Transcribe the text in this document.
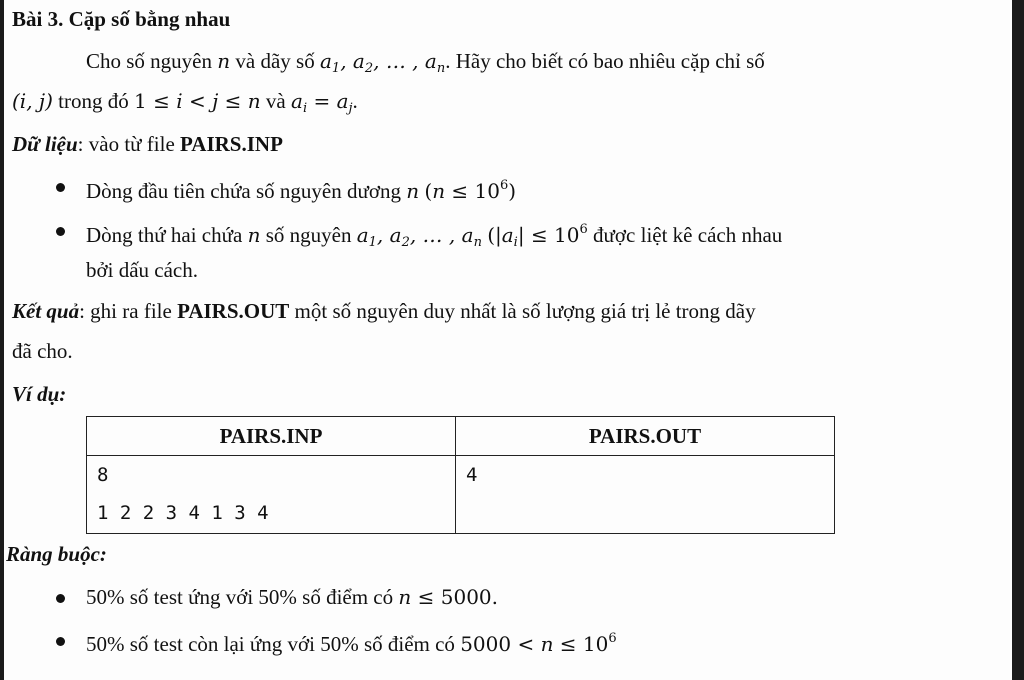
Bài 3. Cặp số bằng nhau
Cho số nguyên n và dãy số $a_1$, $a_2$, … , $a_n$. Hãy cho biết có bao nhiêu cặp chỉ số
(i, j) trong đó 1 ≤ i < j ≤ n và $a_i = a_j$.
Dữ liệu: vào từ file PAIRS.INP
Dòng đầu tiên chứa số nguyên dương n $(n \le 10^6)$
Dòng thứ hai chứa n số nguyên $a_1$, $a_2$, … , $a_n$ ($|a_i| \le 10^6$ được liệt kê cách nhau
bởi dấu cách.
Kết quả: ghi ra file PAIRS.OUT một số nguyên duy nhất là số lượng giá trị lẻ trong dãy
đã cho.
Ví dụ:
PAIRS.INP	PAIRS.OUT

8
1 2 2 3 4 1 3 4	4
Ràng buộc:
50% số test ứng với 50% số điểm có n ≤ 5000.
50% số test còn lại ứng với 50% số điểm có $5000 < n \le 10^6$
